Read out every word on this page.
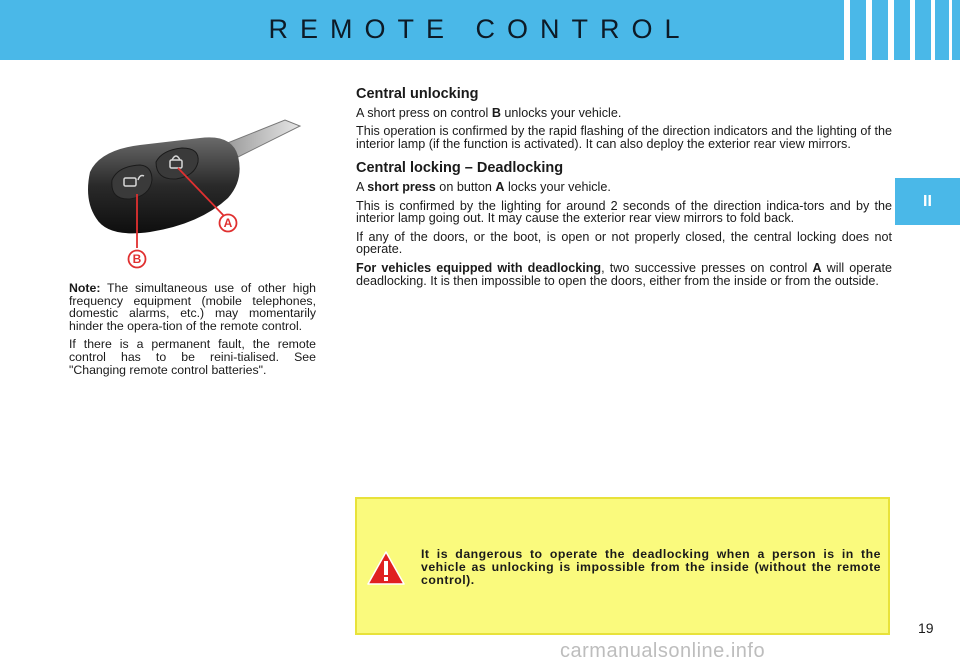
REMOTE CONTROL
II
A
B

Note: The simultaneous use of other high frequency equipment (mobile telephones, domestic alarms, etc.) may momentarily hinder the opera-tion of the remote control.

If there is a permanent fault, the remote control has to be reini-tialised. See "Changing remote control batteries".

Central unlocking

A short press on control B unlocks your vehicle.

This operation is confirmed by the rapid flashing of the direction indicators and the lighting of the interior lamp (if the function is activated). It can also deploy the exterior rear view mirrors.

Central locking – Deadlocking

A short press on button A locks your vehicle.

This is confirmed by the lighting for around 2 seconds of the direction indica-tors and by the interior lamp going out. It may cause the exterior rear view mirrors to fold back.

If any of the doors, or the boot, is open or not properly closed, the central locking does not operate.

For vehicles equipped with deadlocking, two successive presses on control A will operate deadlocking. It is then impossible to open the doors, either from the inside or from the outside.

It is dangerous to operate the deadlocking when a person is in the vehicle as unlocking is impossible from the inside (without the remote control).
19
carmanualsonline.info
